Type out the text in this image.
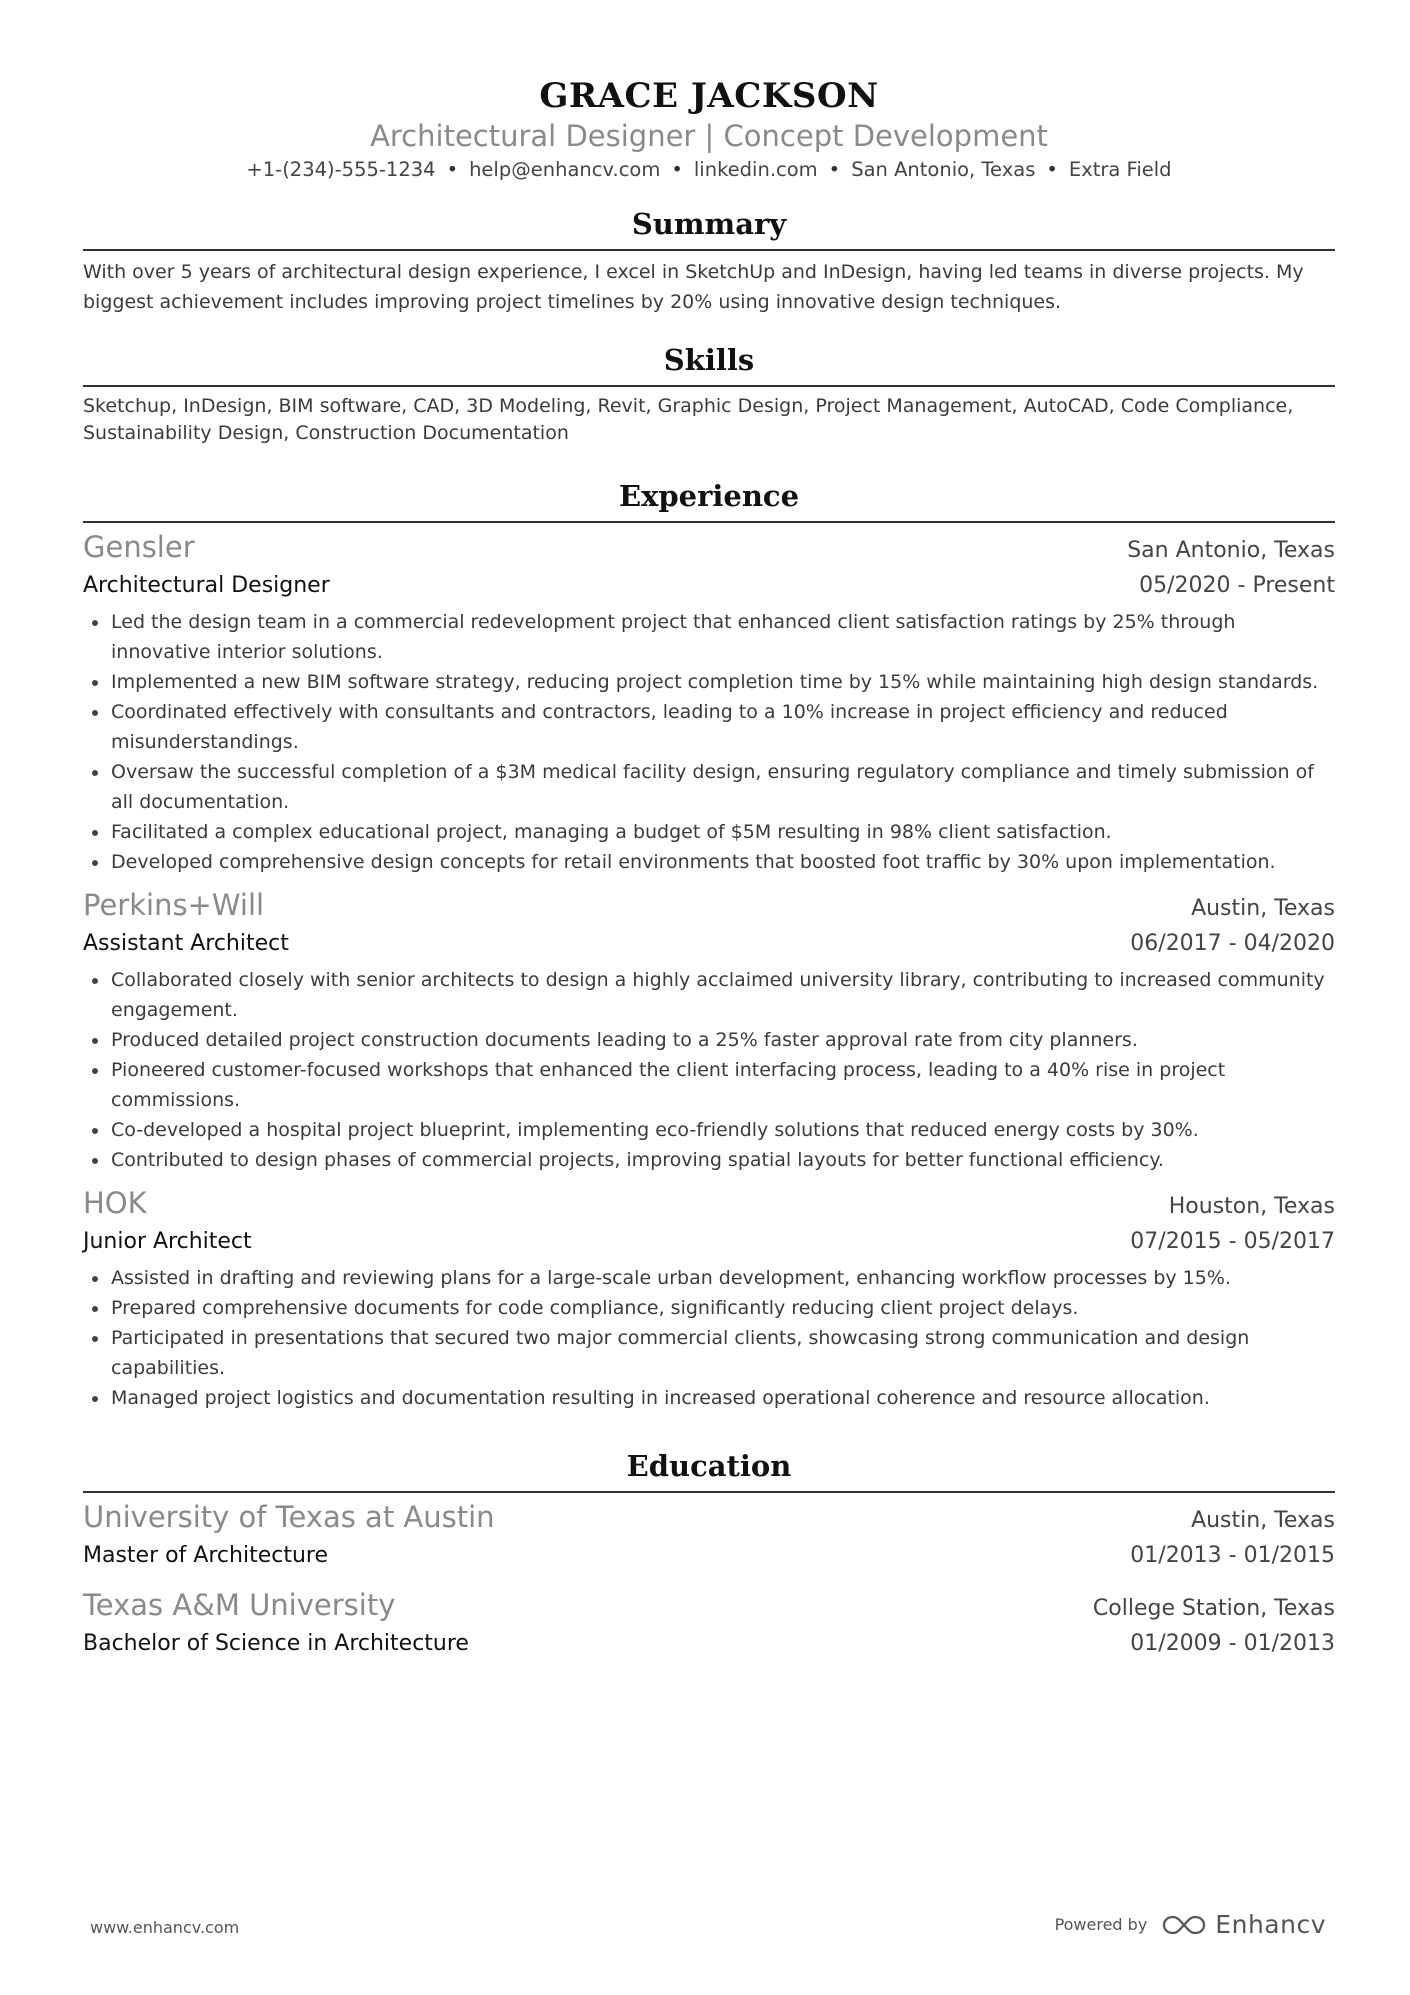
GRACE JACKSON
Architectural Designer | Concept Development
+1-(234)-555-1234 • help@enhancv.com • linkedin.com • San Antonio, Texas • Extra Field
Summary
With over 5 years of architectural design experience, I excel in SketchUp and InDesign, having led teams in diverse projects. My biggest achievement includes improving project timelines by 20% using innovative design techniques.
Skills
Sketchup, InDesign, BIM software, CAD, 3D Modeling, Revit, Graphic Design, Project Management, AutoCAD, Code Compliance, Sustainability Design, Construction Documentation
Experience
Gensler	San Antonio, Texas
Architectural Designer	05/2020 - Present
Led the design team in a commercial redevelopment project that enhanced client satisfaction ratings by 25% through innovative interior solutions.
Implemented a new BIM software strategy, reducing project completion time by 15% while maintaining high design standards.
Coordinated effectively with consultants and contractors, leading to a 10% increase in project efficiency and reduced misunderstandings.
Oversaw the successful completion of a $3M medical facility design, ensuring regulatory compliance and timely submission of all documentation.
Facilitated a complex educational project, managing a budget of $5M resulting in 98% client satisfaction.
Developed comprehensive design concepts for retail environments that boosted foot traffic by 30% upon implementation.
Perkins+Will	Austin, Texas
Assistant Architect	06/2017 - 04/2020
Collaborated closely with senior architects to design a highly acclaimed university library, contributing to increased community engagement.
Produced detailed project construction documents leading to a 25% faster approval rate from city planners.
Pioneered customer-focused workshops that enhanced the client interfacing process, leading to a 40% rise in project commissions.
Co-developed a hospital project blueprint, implementing eco-friendly solutions that reduced energy costs by 30%.
Contributed to design phases of commercial projects, improving spatial layouts for better functional efficiency.
HOK	Houston, Texas
Junior Architect	07/2015 - 05/2017
Assisted in drafting and reviewing plans for a large-scale urban development, enhancing workflow processes by 15%.
Prepared comprehensive documents for code compliance, significantly reducing client project delays.
Participated in presentations that secured two major commercial clients, showcasing strong communication and design capabilities.
Managed project logistics and documentation resulting in increased operational coherence and resource allocation.
Education
University of Texas at Austin	Austin, Texas
Master of Architecture	01/2013 - 01/2015
Texas A&M University	College Station, Texas
Bachelor of Science in Architecture	01/2009 - 01/2013
www.enhancv.com	Powered by	Enhancv
